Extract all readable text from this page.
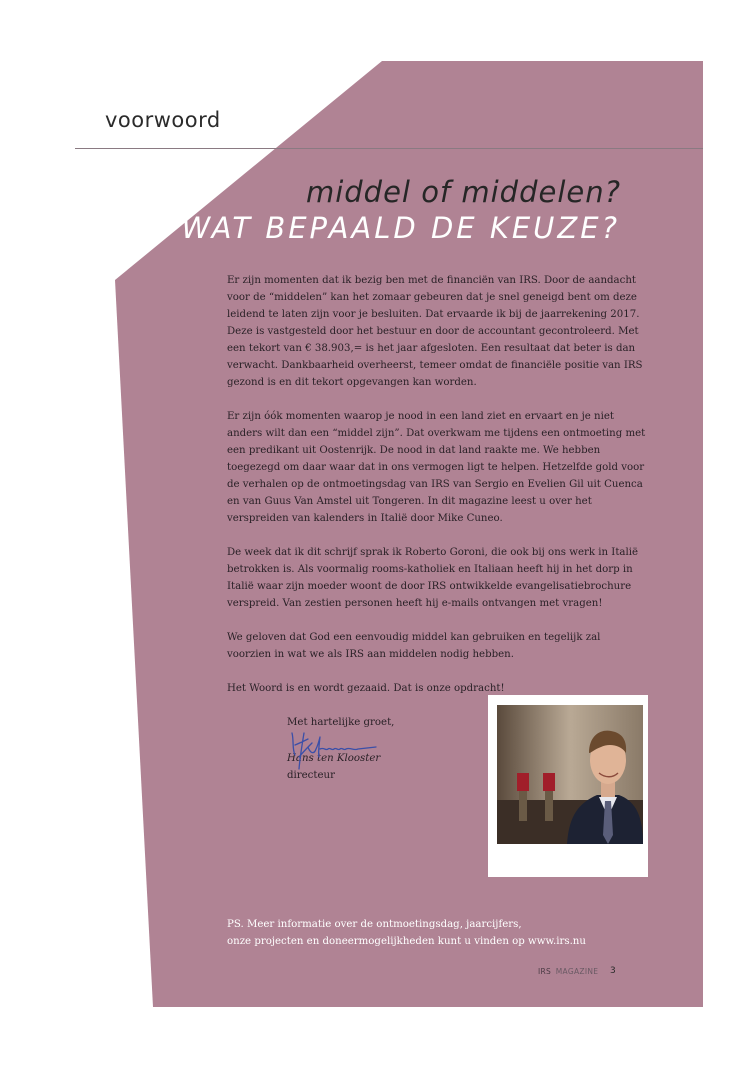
voorwoord
middel of middelen?
WAT BEPAALD DE KEUZE?

Er zijn momenten dat ik bezig ben met de financiën van IRS. Door de aandacht voor de “middelen” kan het zomaar gebeuren dat je snel geneigd bent om deze leidend te laten zijn voor je besluiten. Dat ervaarde ik bij de jaarrekening 2017. Deze is vastgesteld door het bestuur en door de accountant gecontroleerd. Met een tekort van € 38.903,= is het jaar afgesloten. Een resultaat dat beter is dan verwacht. Dankbaarheid overheerst, temeer omdat de financiële positie van IRS gezond is en dit tekort opgevangen kan worden.

Er zijn óók momenten waarop je nood in een land ziet en ervaart en je niet anders wilt dan een “middel zijn”. Dat overkwam me tijdens een ontmoeting met een predikant uit Oostenrijk. De nood in dat land raakte me. We hebben toegezegd om daar waar dat in ons vermogen ligt te helpen. Hetzelfde gold voor de verhalen op de ontmoetingsdag van IRS van Sergio en Evelien Gil uit Cuenca en van Guus Van Amstel uit Tongeren. In dit magazine leest u over het verspreiden van kalenders in Italië door Mike Cuneo.

De week dat ik dit schrijf sprak ik Roberto Goroni, die ook bij ons werk in Italië betrokken is. Als voormalig rooms-katholiek en Italiaan heeft hij in het dorp in Italië waar zijn moeder woont de door IRS ontwikkelde evangelisatiebrochure verspreid. Van zestien personen heeft hij e-mails ontvangen met vragen!

We geloven dat God een eenvoudig middel kan gebruiken en tegelijk zal voorzien in wat we als IRS aan middelen nodig hebben.

Het Woord is en wordt gezaaid. Dat is onze opdracht!

Met hartelijke groet,
Hans ten Klooster
directeur
PS. Meer informatie over de ontmoetingsdag, jaarcijfers,
onze projecten en doneermogelijkheden kunt u vinden op www.irs.nu
IRS MAGAZINE 3
